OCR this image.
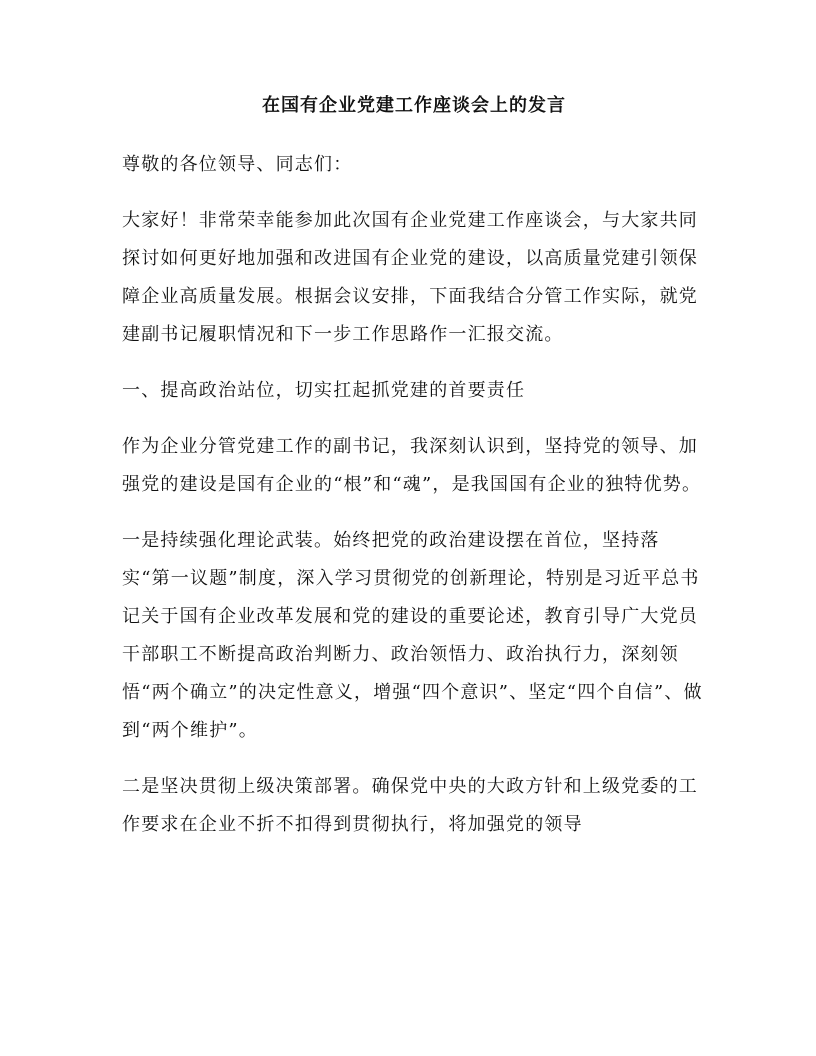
在国有企业党建工作座谈会上的发言

尊敬的各位领导、同志们：

大家好！非常荣幸能参加此次国有企业党建工作座谈会，与大家共同探讨如何更好地加强和改进国有企业党的建设，以高质量党建引领保障企业高质量发展。根据会议安排，下面我结合分管工作实际，就党建副书记履职情况和下一步工作思路作一汇报交流。

一、提高政治站位，切实扛起抓党建的首要责任

作为企业分管党建工作的副书记，我深刻认识到，坚持党的领导、加强党的建设是国有企业的“根”和“魂”，是我国国有企业的独特优势。

一是持续强化理论武装。始终把党的政治建设摆在首位，坚持落实“第一议题”制度，深入学习贯彻党的创新理论，特别是习近平总书记关于国有企业改革发展和党的建设的重要论述，教育引导广大党员干部职工不断提高政治判断力、政治领悟力、政治执行力，深刻领悟“两个确立”的决定性意义，增强“四个意识”、坚定“四个自信”、做到“两个维护”。

二是坚决贯彻上级决策部署。确保党中央的大政方针和上级党委的工作要求在企业不折不扣得到贯彻执行，将加强党的领导
